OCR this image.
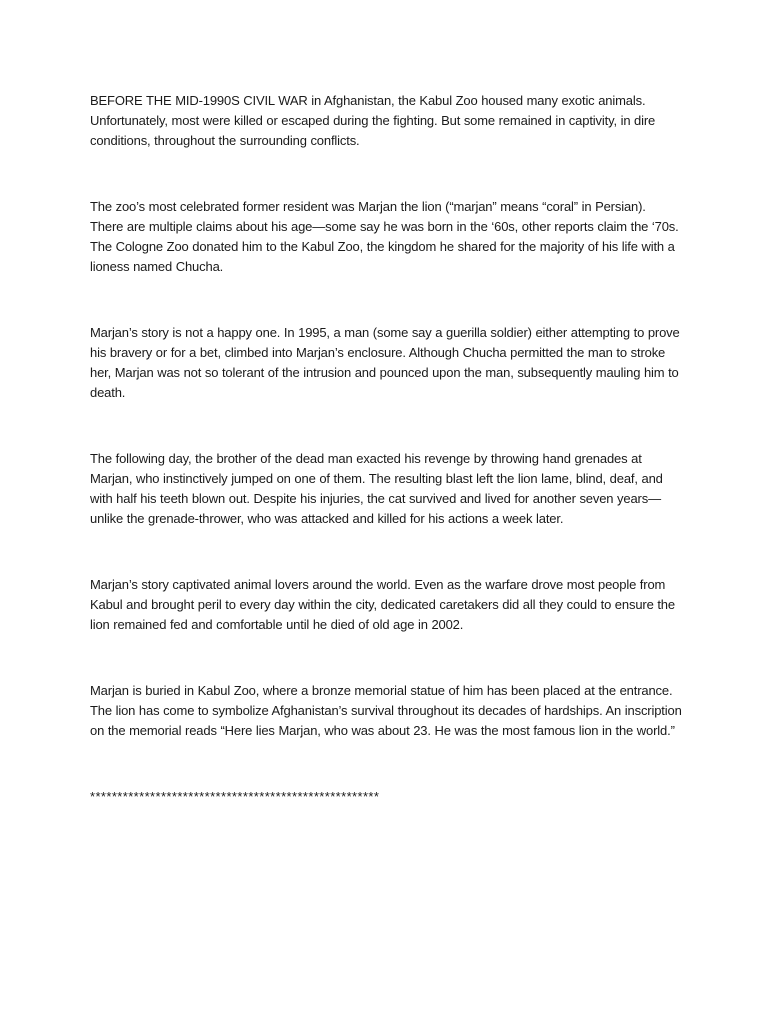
BEFORE THE MID-1990S CIVIL WAR in Afghanistan, the Kabul Zoo housed many exotic animals. Unfortunately, most were killed or escaped during the fighting. But some remained in captivity, in dire conditions, throughout the surrounding conflicts.

The zoo’s most celebrated former resident was Marjan the lion (“marjan” means “coral” in Persian). There are multiple claims about his age—some say he was born in the ‘60s, other reports claim the ‘70s. The Cologne Zoo donated him to the Kabul Zoo, the kingdom he shared for the majority of his life with a lioness named Chucha.

Marjan’s story is not a happy one. In 1995, a man (some say a guerilla soldier) either attempting to prove his bravery or for a bet, climbed into Marjan’s enclosure. Although Chucha permitted the man to stroke her, Marjan was not so tolerant of the intrusion and pounced upon the man, subsequently mauling him to death.

The following day, the brother of the dead man exacted his revenge by throwing hand grenades at Marjan, who instinctively jumped on one of them. The resulting blast left the lion lame, blind, deaf, and with half his teeth blown out. Despite his injuries, the cat survived and lived for another seven years—unlike the grenade-thrower, who was attacked and killed for his actions a week later.

Marjan’s story captivated animal lovers around the world. Even as the warfare drove most people from Kabul and brought peril to every day within the city, dedicated caretakers did all they could to ensure the lion remained fed and comfortable until he died of old age in 2002.

Marjan is buried in Kabul Zoo, where a bronze memorial statue of him has been placed at the entrance. The lion has come to symbolize Afghanistan’s survival throughout its decades of hardships. An inscription on the memorial reads “Here lies Marjan, who was about 23. He was the most famous lion in the world.”

*****************************************************
